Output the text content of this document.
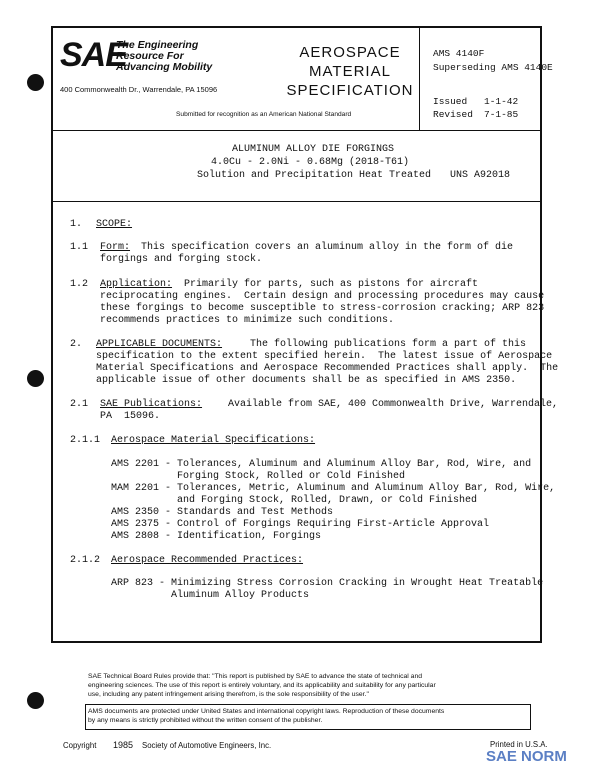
SAE
The Engineering
Resource For
Advancing Mobility
400 Commonwealth Dr., Warrendale, PA 15096
AEROSPACE
MATERIAL
SPECIFICATION
Submitted for recognition as an American National Standard
AMS 4140F
Superseding AMS 4140E
Issued 1-1-42
Revised 7-1-85
ALUMINUM ALLOY DIE FORGINGS
4.0Cu - 2.0Ni - 0.68Mg (2018-T61)
Solution and Precipitation Heat Treated UNS A92018
1. SCOPE:
1.1 Form: This specification covers an aluminum alloy in the form of die
forgings and forging stock.
1.2 Application: Primarily for parts, such as pistons for aircraft
reciprocating engines.  Certain design and processing procedures may cause
these forgings to become susceptible to stress-corrosion cracking; ARP 823
recommends practices to minimize such conditions.
2. APPLICABLE DOCUMENTS:	The following publications form a part of this
specification to the extent specified herein.  The latest issue of Aerospace
Material Specifications and Aerospace Recommended Practices shall apply.  The
applicable issue of other documents shall be as specified in AMS 2350.
2.1 SAE Publications:	Available from SAE, 400 Commonwealth Drive, Warrendale,
PA  15096.
2.1.1 Aerospace Material Specifications:
AMS 2201 - Tolerances, Aluminum and Aluminum Alloy Bar, Rod, Wire, and
Forging Stock, Rolled or Cold Finished
MAM 2201 - Tolerances, Metric, Aluminum and Aluminum Alloy Bar, Rod, Wire,
and Forging Stock, Rolled, Drawn, or Cold Finished
AMS 2350 - Standards and Test Methods
AMS 2375 - Control of Forgings Requiring First-Article Approval
AMS 2808 - Identification, Forgings
2.1.2 Aerospace Recommended Practices:
ARP 823 - Minimizing Stress Corrosion Cracking in Wrought Heat Treatable
Aluminum Alloy Products
SAE Technical Board Rules provide that: "This report is published by SAE to advance the state of technical and
engineering sciences. The use of this report is entirely voluntary, and its applicability and suitability for any particular
use, including any patent infringement arising therefrom, is the sole responsibility of the user."
AMS documents are protected under United States and international copyright laws. Reproduction of these documents
by any means is strictly prohibited without the written consent of the publisher.
Copyright 1985 Society of Automotive Engineers, Inc.	Printed in U.S.A.
SAE NORM
